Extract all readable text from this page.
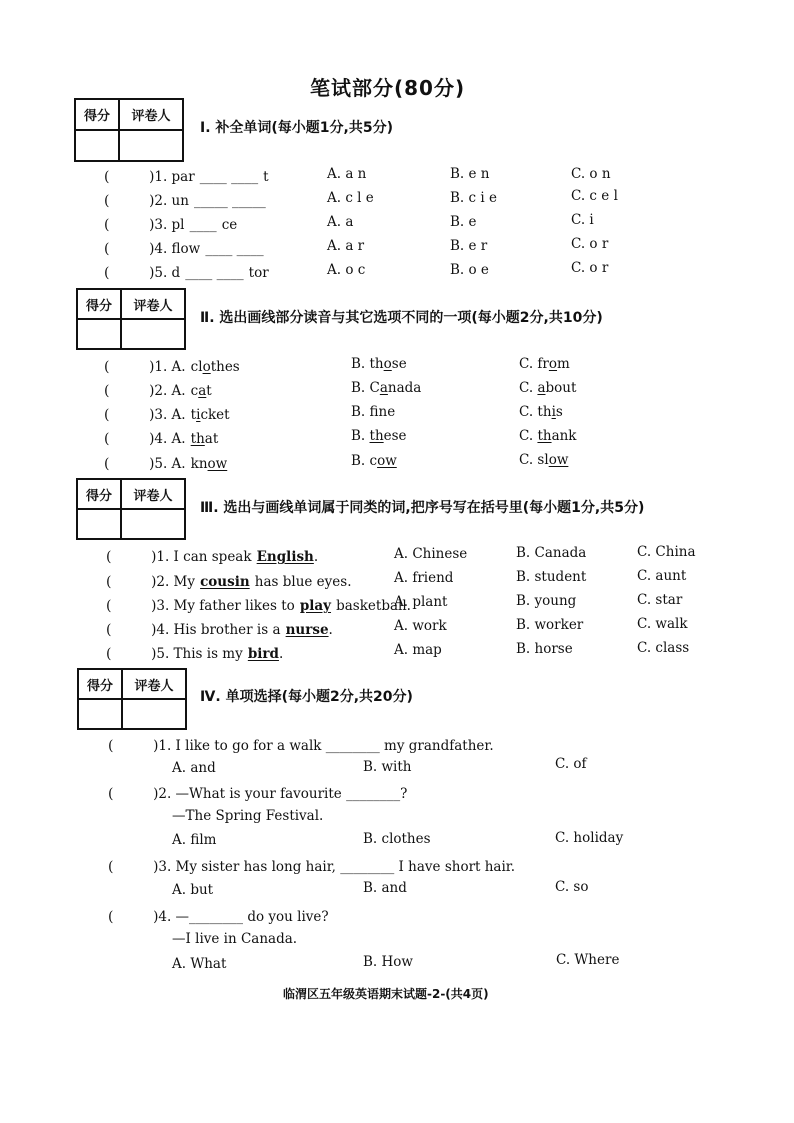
笔试部分(80分)
得分	评卷人

得分	评卷人

得分	评卷人

得分	评卷人

Ⅰ. 补全单词(每小题1分,共5分)
(	)1. par ____ ____ t	A. a n	B. e n	C. o n
(	)2. un _____ _____	A. c l e	B. c i e	C. c e l
(	)3. pl ____ ce	A. a	B. e	C. i
(	)4. flow ____ ____	A. a r	B. e r	C. o r
(	)5. d ____ ____ tor	A. o c	B. o e	C. o r
Ⅱ. 选出画线部分读音与其它选项不同的一项(每小题2分,共10分)
(	)1. A. clothes	B. those	C. from
(	)2. A. cat	B. Canada	C. about
(	)3. A. ticket	B. fne	C. this
(	)4. A. that	B. these	C. thank
(	)5. A. know	B. cow	C. slow
Ⅲ. 选出与画线单词属于同类的词,把序号写在括号里(每小题1分,共5分)
(	)1. I can speak English.	A. Chinese	B. Canada	C. China
(	)2. My cousin has blue eyes.	A. friend	B. student	C. aunt
(	)3. My father likes to play basketball.
A. plant	B. young	C. star
(	)4. His brother is a nurse.	A. work	B. worker	C. walk
(	)5. This is my bird.	A. map	B. horse	C. class
Ⅳ. 单项选择(每小题2分,共20分)
(	)1. I like to go for a walk ________ my grandfather.
A. and	B. with	C. of
(	)2. —What is your favourite ________?
—The Spring Festival.
A. film	B. clothes	C. holiday
(	)3. My sister has long hair, ________ I have short hair.
A. but	B. and	C. so
(	)4. —________ do you live?
—I live in Canada.
A. What	B. How	C. Where
临渭区五年级英语期末试题-2-(共4页)
